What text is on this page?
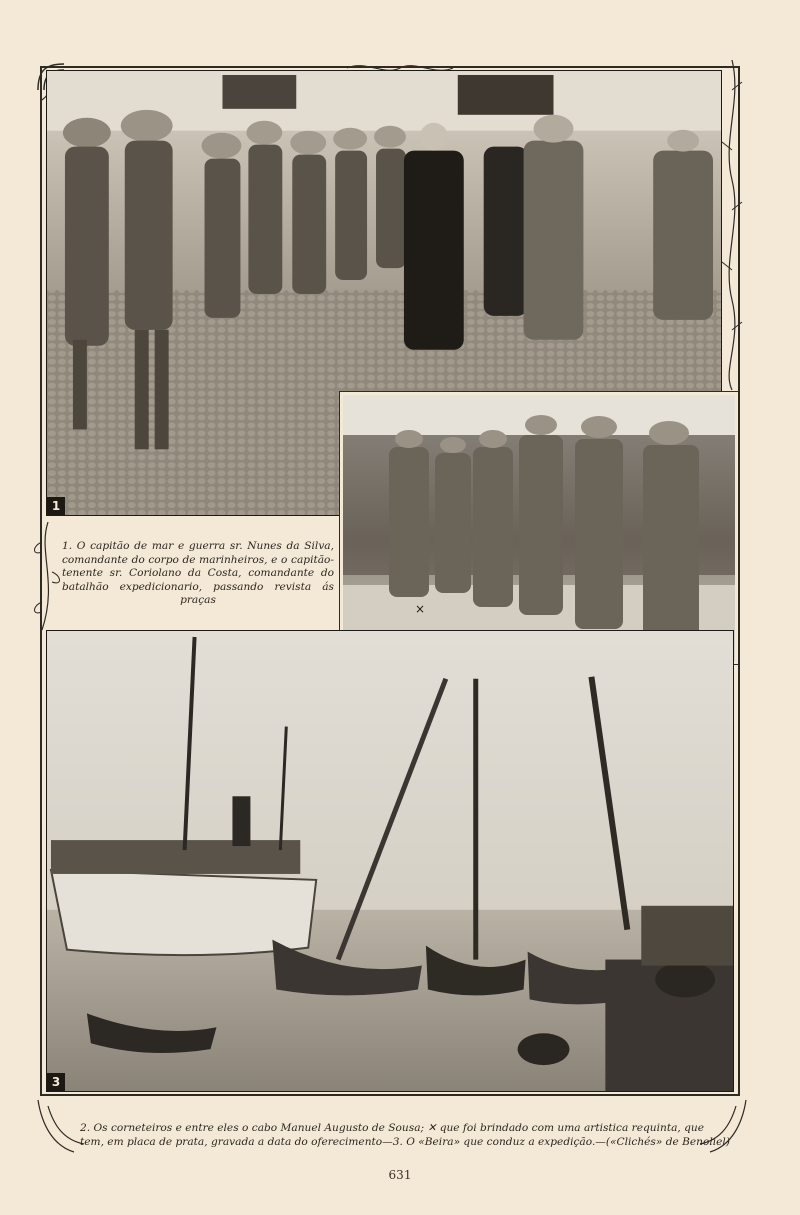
1
×
3
1. O capitão de mar e guerra sr. Nunes da Silva, comandante do corpo de marinheiros, e o capitão-tenente sr. Coriolano da Costa, comandante do batalhão expedicionario, passando revista ás praças
2. Os corneteiros e entre eles o cabo Manuel Augusto de Sousa; ✕ que foi brindado com uma artistica requinta, que tem, em placa de prata, gravada a data do oferecimento—3. O «Beira» que conduz a expedição.—(«Clichés» de Benoliel)
631
